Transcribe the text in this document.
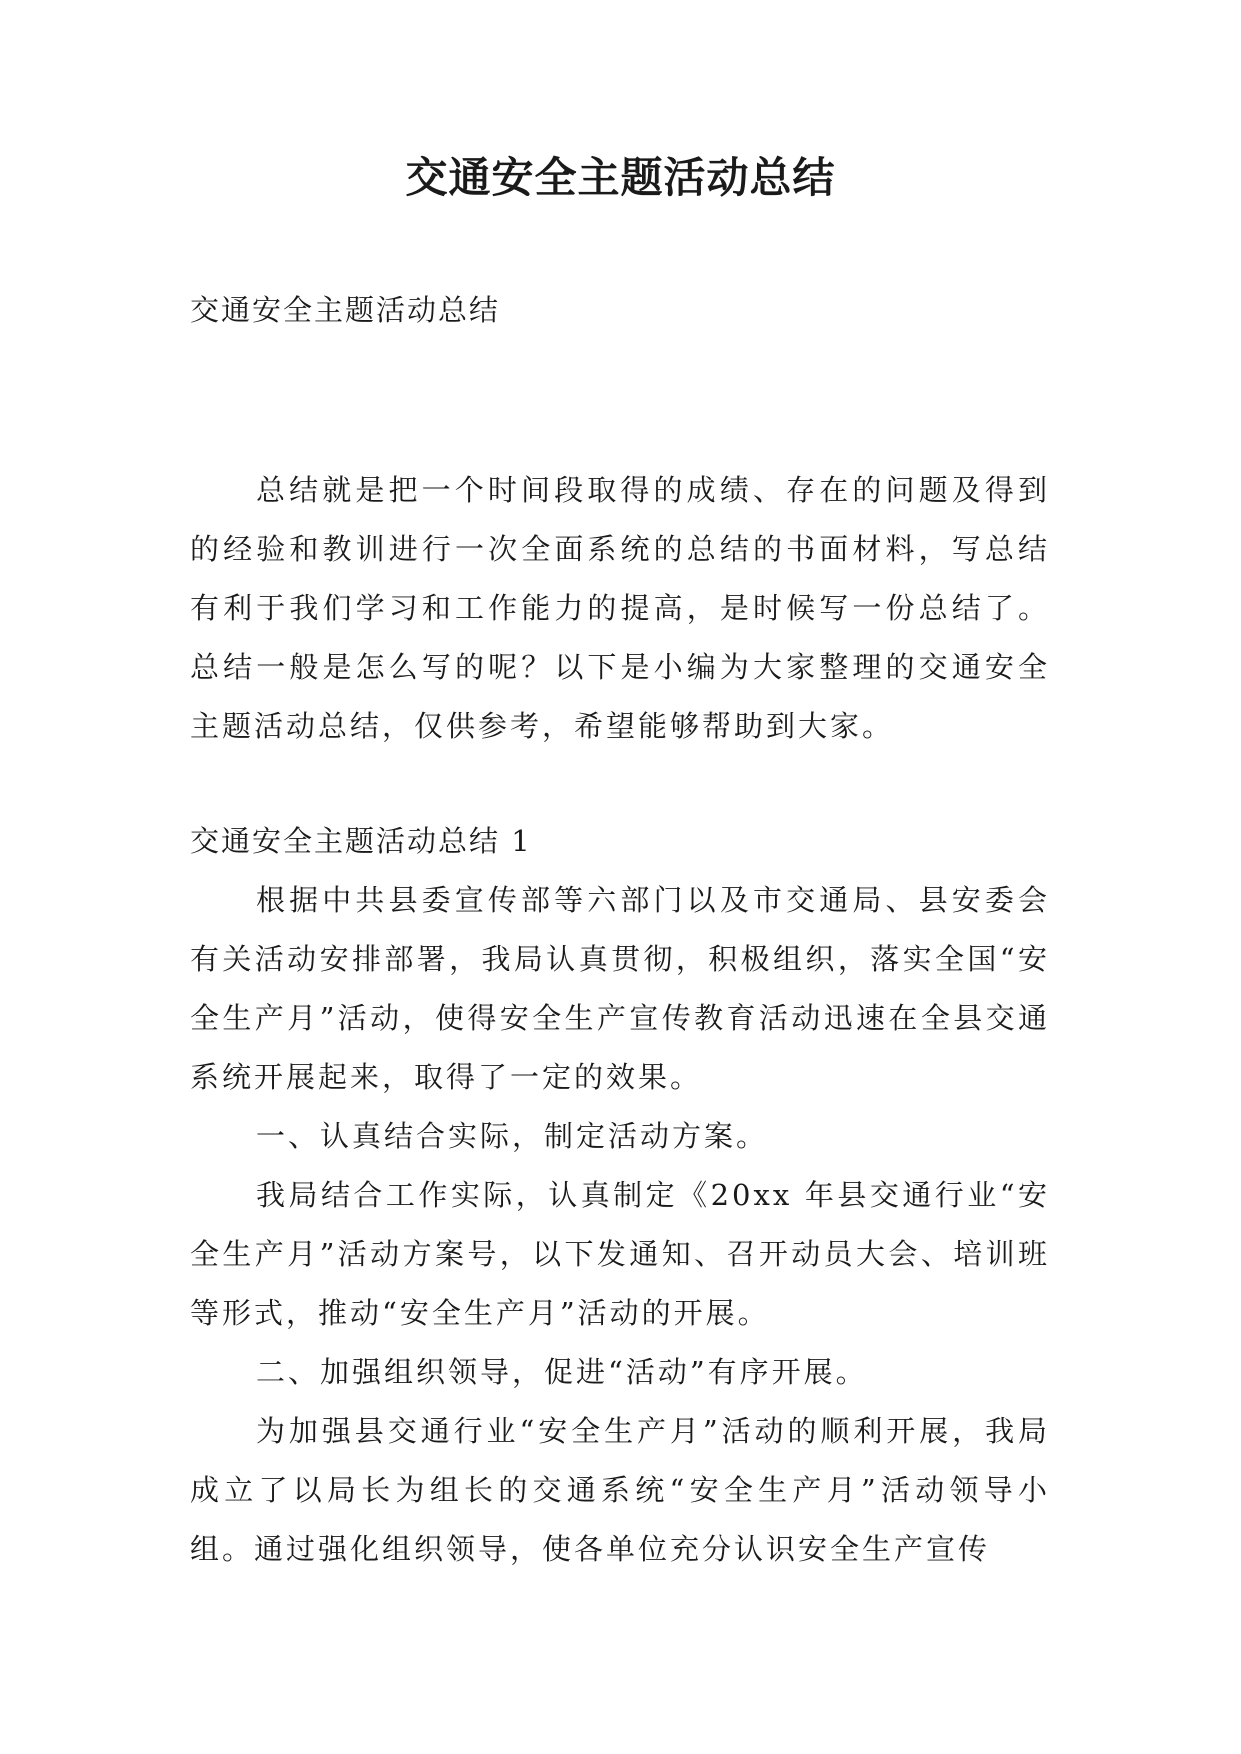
交通安全主题活动总结
交通安全主题活动总结

总结就是把一个时间段取得的成绩、存在的问题及得到的经验和教训进行一次全面系统的总结的书面材料，写总结有利于我们学习和工作能力的提高，是时候写一份总结了。总结一般是怎么写的呢？以下是小编为大家整理的交通安全主题活动总结，仅供参考，希望能够帮助到大家。

交通安全主题活动总结 1

根据中共县委宣传部等六部门以及市交通局、县安委会有关活动安排部署，我局认真贯彻，积极组织，落实全国“安全生产月”活动，使得安全生产宣传教育活动迅速在全县交通系统开展起来，取得了一定的效果。

一、认真结合实际，制定活动方案。

我局结合工作实际，认真制定《20xx 年县交通行业“安全生产月”活动方案号，以下发通知、召开动员大会、培训班等形式，推动“安全生产月”活动的开展。

二、加强组织领导，促进“活动”有序开展。

为加强县交通行业“安全生产月”活动的顺利开展，我局成立了以局长为组长的交通系统“安全生产月”活动领导小组。通过强化组织领导，使各单位充分认识安全生产宣传
